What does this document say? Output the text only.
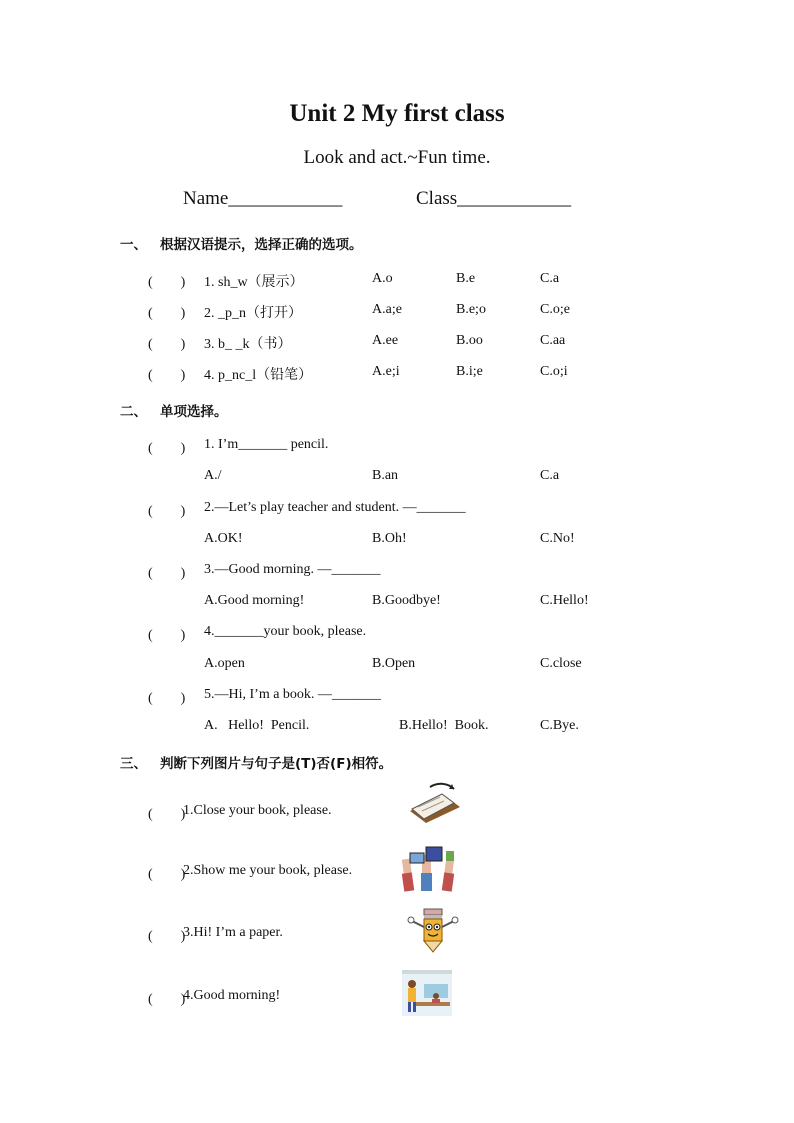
Unit 2 My first class
Look and act.~Fun time.
Name____________	Class____________
一、 根据汉语提示，选择正确的选项。
(　　) 1. sh_w（展示）	A.o	B.e	C.a
(　　) 2. _p_n（打开）	A.a;e	B.e;o	C.o;e
(　　) 3. b_ _k（书）	A.ee	B.oo	C.aa
(　　) 4. p_nc_l（铅笔）	A.e;i	B.i;e	C.o;i
二、 单项选择。
(　　) 1. I’m_______ pencil.
A./	B.an	C.a
(　　) 2.—Let’s play teacher and student. —_______
A.OK!	B.Oh!	C.No!
(　　) 3.—Good morning. —_______
A.Good morning!	B.Goodbye!	C.Hello!
(　　) 4._______your book, please.
A.open	B.Open	C.close
(　　) 5.—Hi, I’m a book. —_______
A.   Hello!  Pencil.	B.Hello!  Book.	C.Bye.
三、 判断下列图片与句子是(T)否(F)相符。
(　　)
1.Close your book, please.
(　　)
2.Show me your book, please.
(　　)
3.Hi! I’m a paper.
(　　)
4.Good morning!
